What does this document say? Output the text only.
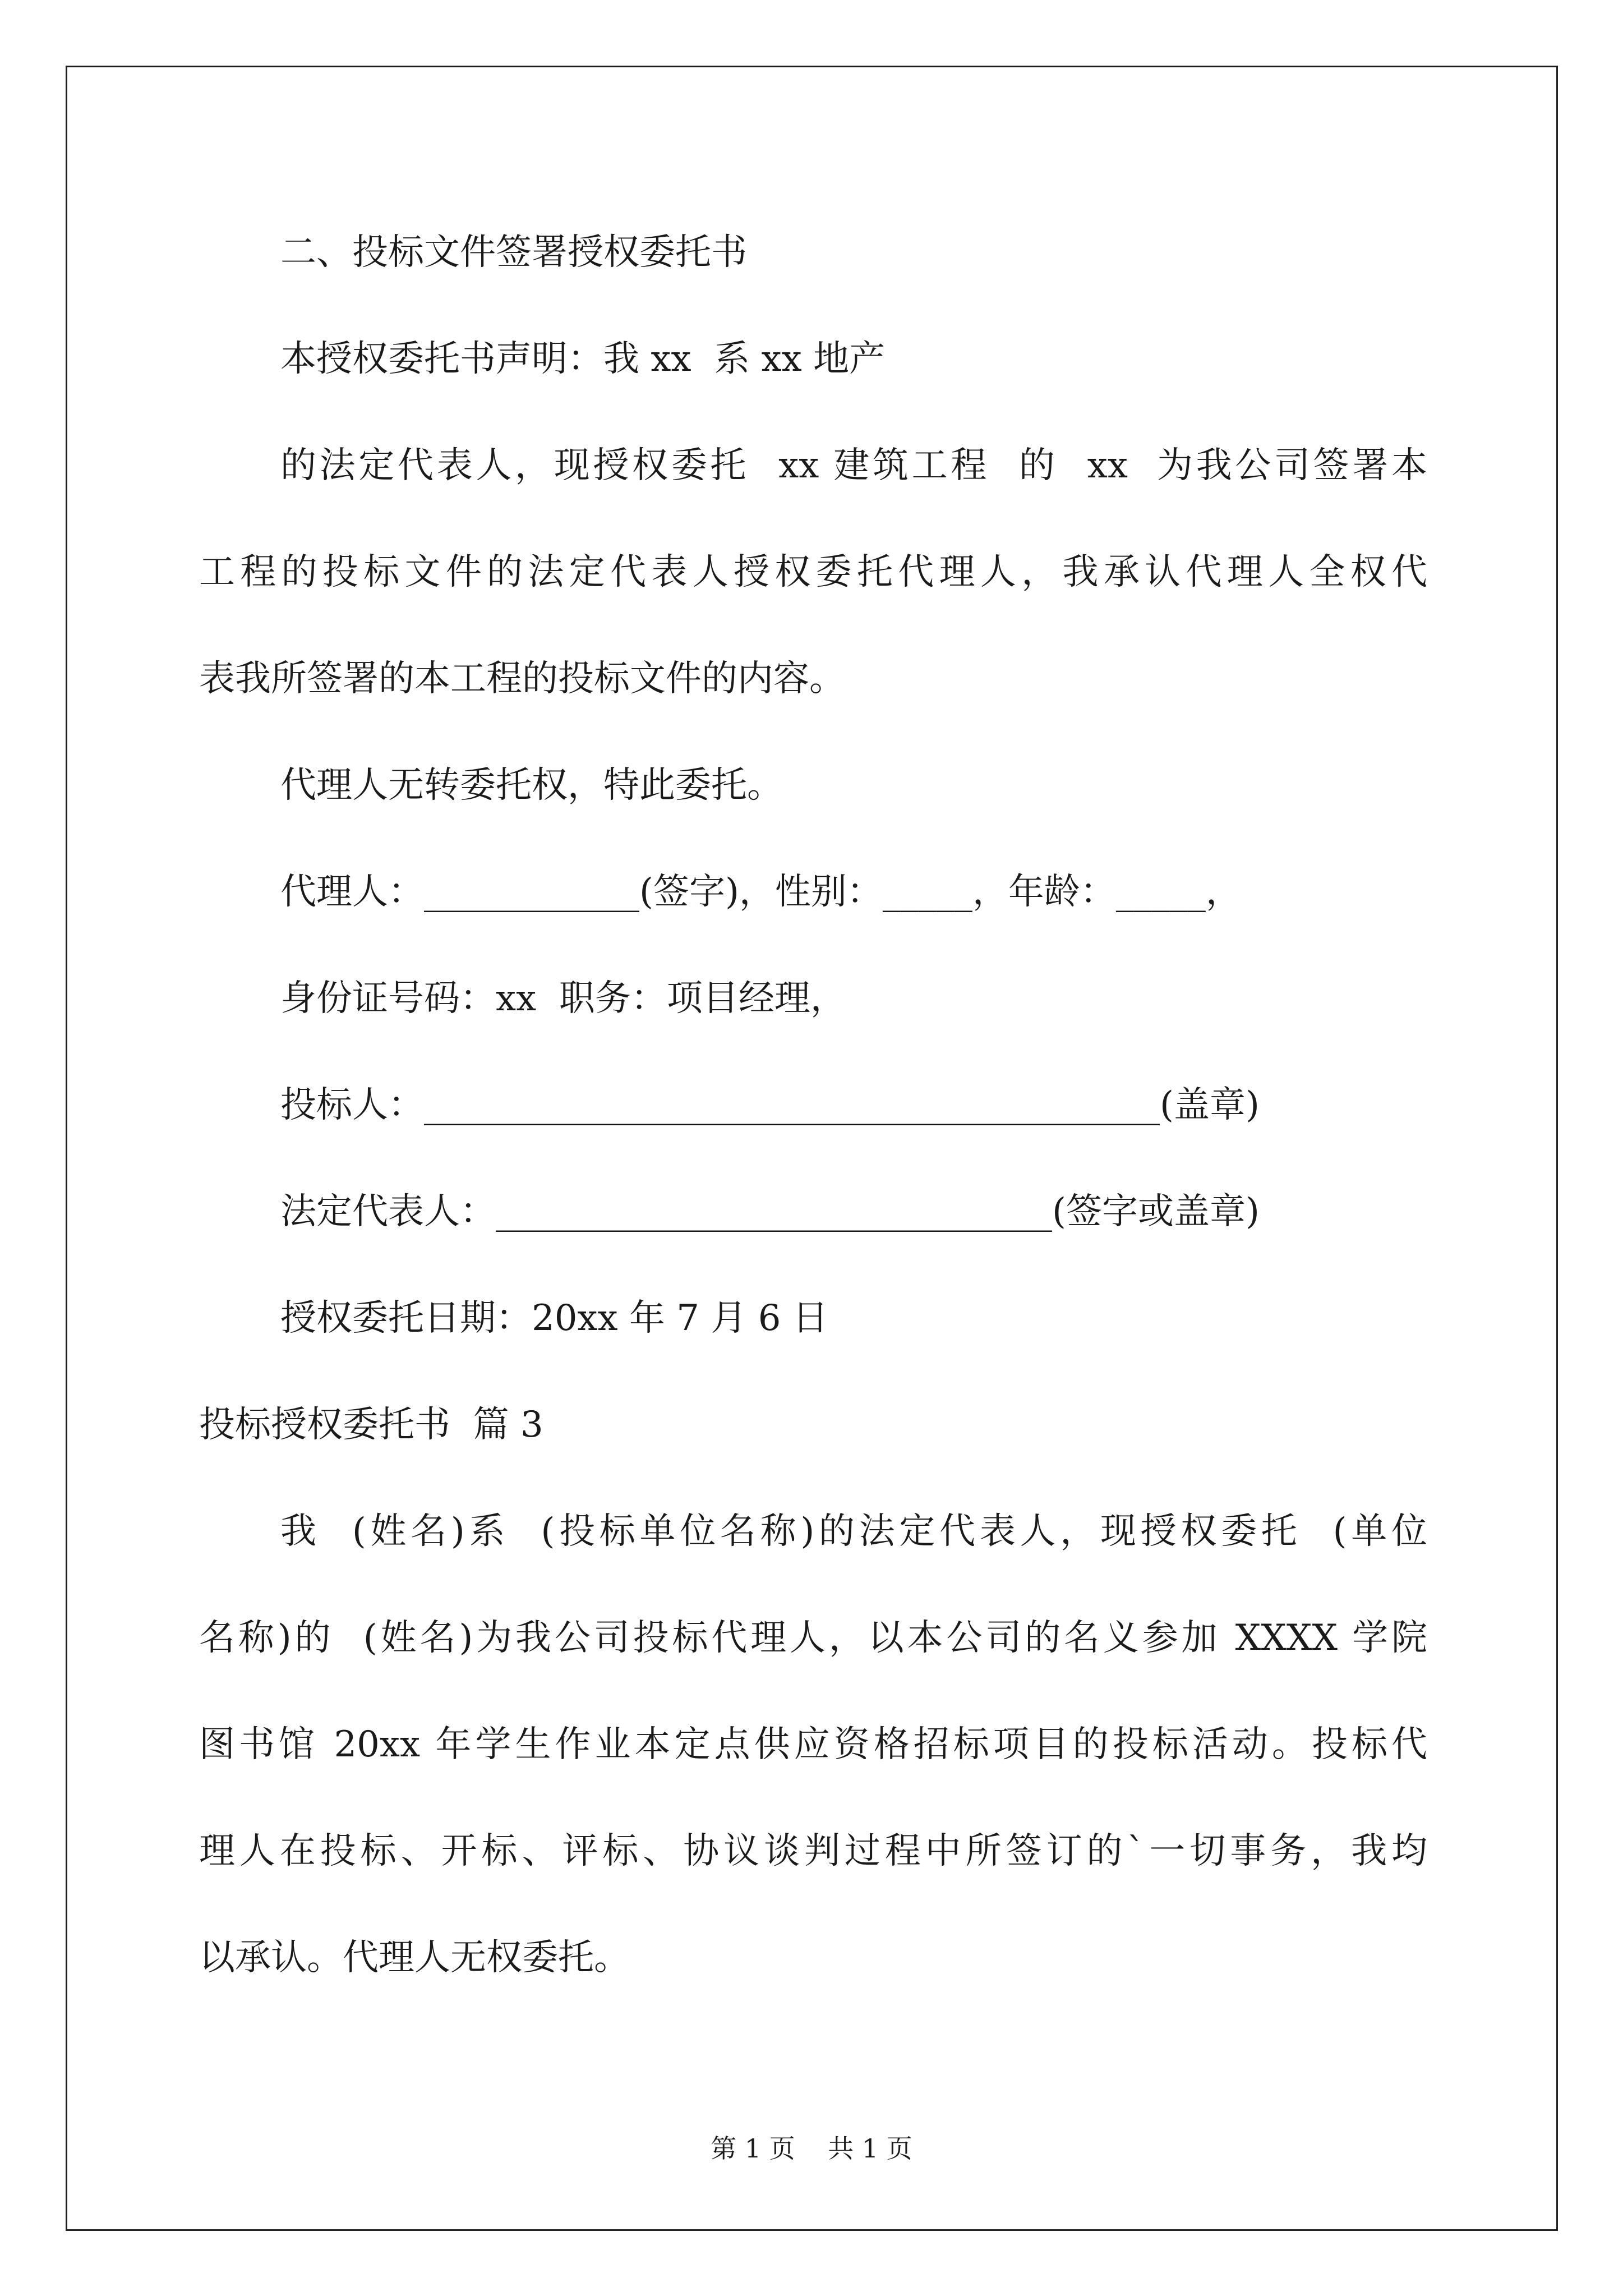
二、投标文件签署授权委托书
本授权委托书声明：我 xx  系 xx 地产
的法定代表人，现授权委托  xx 建筑工程  的  xx  为我公司签署本
工程的投标文件的法定代表人授权委托代理人，我承认代理人全权代
表我所签署的本工程的投标文件的内容。
代理人无转委托权，特此委托。
代理人：____________(签字)，性别：_____，年龄：_____，
身份证号码：xx  职务：项目经理，
投标人：_________________________________________(盖章)
法定代表人：_______________________________(签字或盖章)
授权委托日期：20xx 年 7 月 6 日
投标授权委托书  篇 3
我  (姓名)系  (投标单位名称)的法定代表人，现授权委托  (单位
名称)的  (姓名)为我公司投标代理人，以本公司的名义参加 XXXX 学院
图书馆 20xx 年学生作业本定点供应资格招标项目的投标活动。投标代
理人在投标、开标、评标、协议谈判过程中所签订的`一切事务，我均
以承认。代理人无权委托。
第 1 页    共 1 页
